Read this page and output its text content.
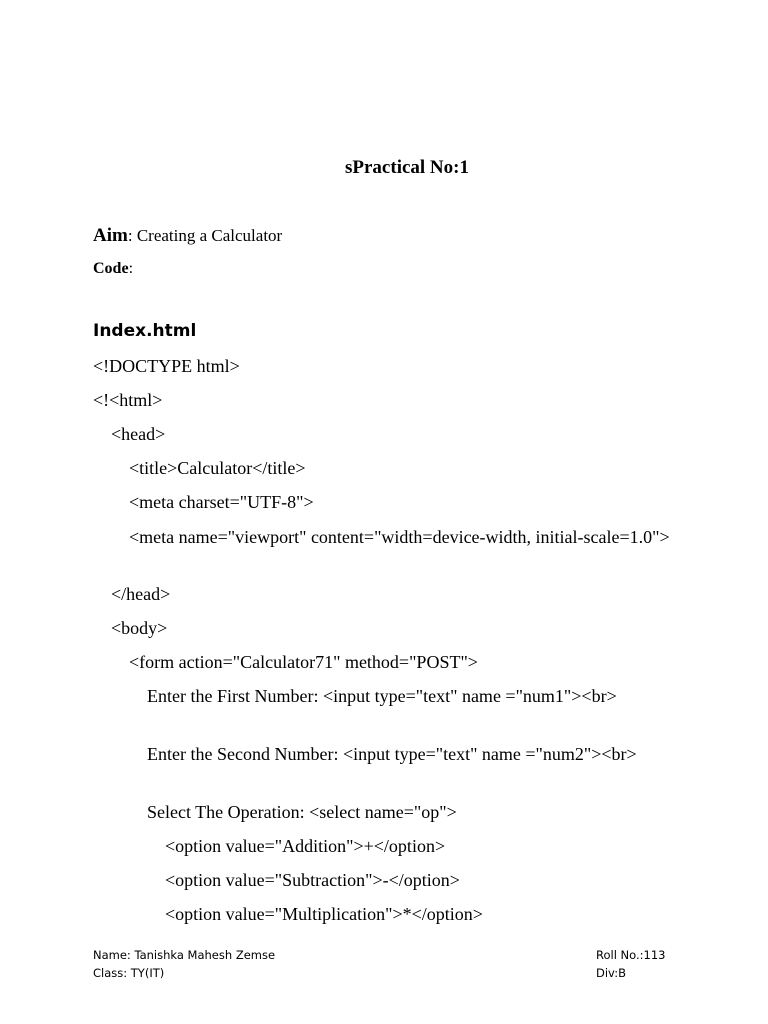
sPractical No:1
Aim: Creating a Calculator
Code:
Index.html
<!DOCTYPE html>
<!<html>
<head>
<title>Calculator</title>
<meta charset="UTF-8">
<meta name="viewport" content="width=device-width, initial-scale=1.0">
</head>
<body>
<form action="Calculator71" method="POST">
Enter the First Number: <input type="text" name ="num1"><br>
Enter the Second Number: <input type="text" name ="num2"><br>
Select The Operation: <select name="op">
<option value="Addition">+</option>
<option value="Subtraction">-</option>
<option value="Multiplication">*</option>
Name: Tanishka Mahesh Zemse
Class: TY(IT)
Roll No.:113
Div:B
